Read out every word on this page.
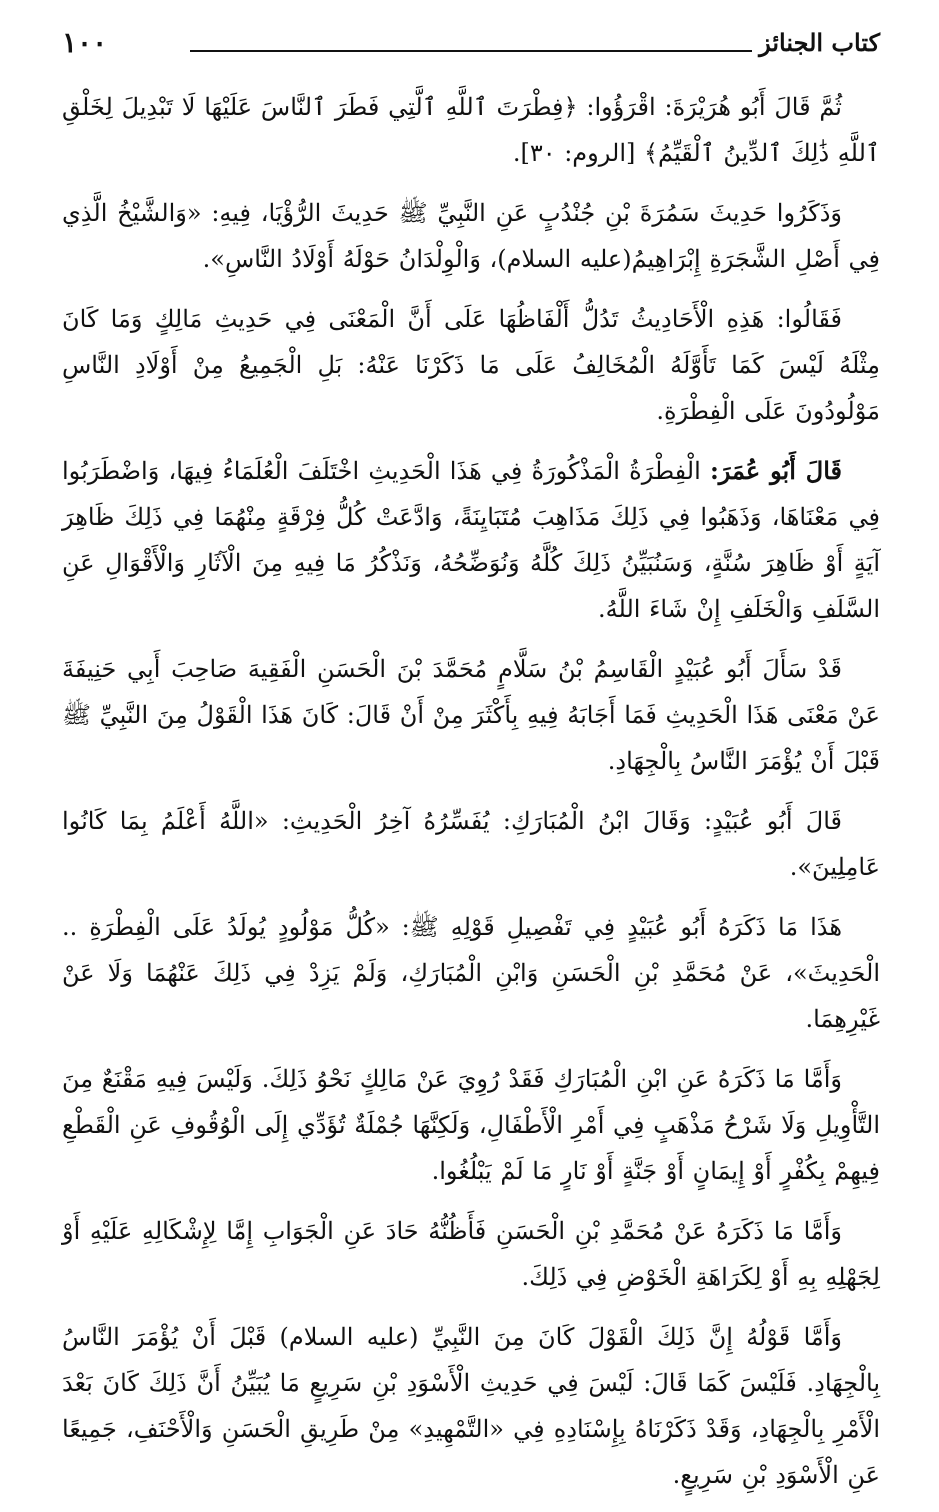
كتاب الجنائز
١٠٠

ثُمَّ قَالَ أَبُو هُرَيْرَةَ: اقْرَؤُوا: ﴿فِطْرَتَ ٱللَّهِ ٱلَّتِي فَطَرَ ٱلنَّاسَ عَلَيْهَا لَا تَبْدِيلَ لِخَلْقِ ٱللَّهِ ذَٰلِكَ ٱلدِّينُ ٱلْقَيِّمُ﴾ [الروم: ٣٠].

وَذَكَرُوا حَدِيثَ سَمُرَةَ بْنِ جُنْدُبٍ عَنِ النَّبِيِّ ﷺ حَدِيثَ الرُّؤْيَا، فِيهِ: «وَالشَّيْخُ الَّذِي فِي أَصْلِ الشَّجَرَةِ إِبْرَاهِيمُ(عليه السلام)، وَالْوِلْدَانُ حَوْلَهُ أَوْلَادُ النَّاسِ».

فَقَالُوا: هَذِهِ الْأَحَادِيثُ تَدُلُّ أَلْفَاظُهَا عَلَى أَنَّ الْمَعْنَى فِي حَدِيثِ مَالِكٍ وَمَا كَانَ مِثْلَهُ لَيْسَ كَمَا تَأَوَّلَهُ الْمُخَالِفُ عَلَى مَا ذَكَرْنَا عَنْهُ: بَلِ الْجَمِيعُ مِنْ أَوْلَادِ النَّاسِ مَوْلُودُونَ عَلَى الْفِطْرَةِ.

قَالَ أَبُو عُمَرَ: الْفِطْرَةُ الْمَذْكُورَةُ فِي هَذَا الْحَدِيثِ اخْتَلَفَ الْعُلَمَاءُ فِيهَا، وَاضْطَرَبُوا فِي مَعْنَاهَا، وَذَهَبُوا فِي ذَلِكَ مَذَاهِبَ مُتَبَايِنَةً، وَادَّعَتْ كُلُّ فِرْقَةٍ مِنْهُمَا فِي ذَلِكَ ظَاهِرَ آيَةٍ أَوْ ظَاهِرَ سُنَّةٍ، وَسَنُبَيِّنُ ذَلِكَ كُلَّهُ وَنُوَضِّحُهُ، وَنَذْكُرُ مَا فِيهِ مِنَ الْآثَارِ وَالْأَقْوَالِ عَنِ السَّلَفِ وَالْخَلَفِ إِنْ شَاءَ اللَّهُ.

قَدْ سَأَلَ أَبُو عُبَيْدٍ الْقَاسِمُ بْنُ سَلَّامٍ مُحَمَّدَ بْنَ الْحَسَنِ الْفَقِيهَ صَاحِبَ أَبِي حَنِيفَةَ عَنْ مَعْنَى هَذَا الْحَدِيثِ فَمَا أَجَابَهُ فِيهِ بِأَكْثَرَ مِنْ أَنْ قَالَ: كَانَ هَذَا الْقَوْلُ مِنَ النَّبِيِّ ﷺ قَبْلَ أَنْ يُؤْمَرَ النَّاسُ بِالْجِهَادِ.

قَالَ أَبُو عُبَيْدٍ: وَقَالَ ابْنُ الْمُبَارَكِ: يُفَسِّرُهُ آخِرُ الْحَدِيثِ: «اللَّهُ أَعْلَمُ بِمَا كَانُوا عَامِلِينَ».

هَذَا مَا ذَكَرَهُ أَبُو عُبَيْدٍ فِي تَفْصِيلِ قَوْلِهِ ﷺ: «كُلُّ مَوْلُودٍ يُولَدُ عَلَى الْفِطْرَةِ .. الْحَدِيثَ»، عَنْ مُحَمَّدِ بْنِ الْحَسَنِ وَابْنِ الْمُبَارَكِ، وَلَمْ يَزِدْ فِي ذَلِكَ عَنْهُمَا وَلَا عَنْ غَيْرِهِمَا.

وَأَمَّا مَا ذَكَرَهُ عَنِ ابْنِ الْمُبَارَكِ فَقَدْ رُوِيَ عَنْ مَالِكٍ نَحْوُ ذَلِكَ. وَلَيْسَ فِيهِ مَقْنَعٌ مِنَ التَّأْوِيلِ وَلَا شَرْحُ مَذْهَبٍ فِي أَمْرِ الْأَطْفَالِ، وَلَكِنَّهَا جُمْلَةٌ تُؤَدِّي إِلَى الْوُقُوفِ عَنِ الْقَطْعِ فِيهِمْ بِكُفْرٍ أَوْ إِيمَانٍ أَوْ جَنَّةٍ أَوْ نَارٍ مَا لَمْ يَبْلُغُوا.

وَأَمَّا مَا ذَكَرَهُ عَنْ مُحَمَّدِ بْنِ الْحَسَنِ فَأَظُنُّهُ حَادَ عَنِ الْجَوَابِ إِمَّا لِإِشْكَالِهِ عَلَيْهِ أَوْ لِجَهْلِهِ بِهِ أَوْ لِكَرَاهَةِ الْخَوْضِ فِي ذَلِكَ.

وَأَمَّا قَوْلُهُ إِنَّ ذَلِكَ الْقَوْلَ كَانَ مِنَ النَّبِيِّ (عليه السلام) قَبْلَ أَنْ يُؤْمَرَ النَّاسُ بِالْجِهَادِ. فَلَيْسَ كَمَا قَالَ: لَيْسَ فِي حَدِيثِ الْأَسْوَدِ بْنِ سَرِيعٍ مَا يُبَيِّنُ أَنَّ ذَلِكَ كَانَ بَعْدَ الْأَمْرِ بِالْجِهَادِ، وَقَدْ ذَكَرْنَاهُ بِإِسْنَادِهِ فِي «التَّمْهِيدِ» مِنْ طَرِيقِ الْحَسَنِ وَالْأَحْنَفِ، جَمِيعًا عَنِ الْأَسْوَدِ بْنِ سَرِيعٍ.
